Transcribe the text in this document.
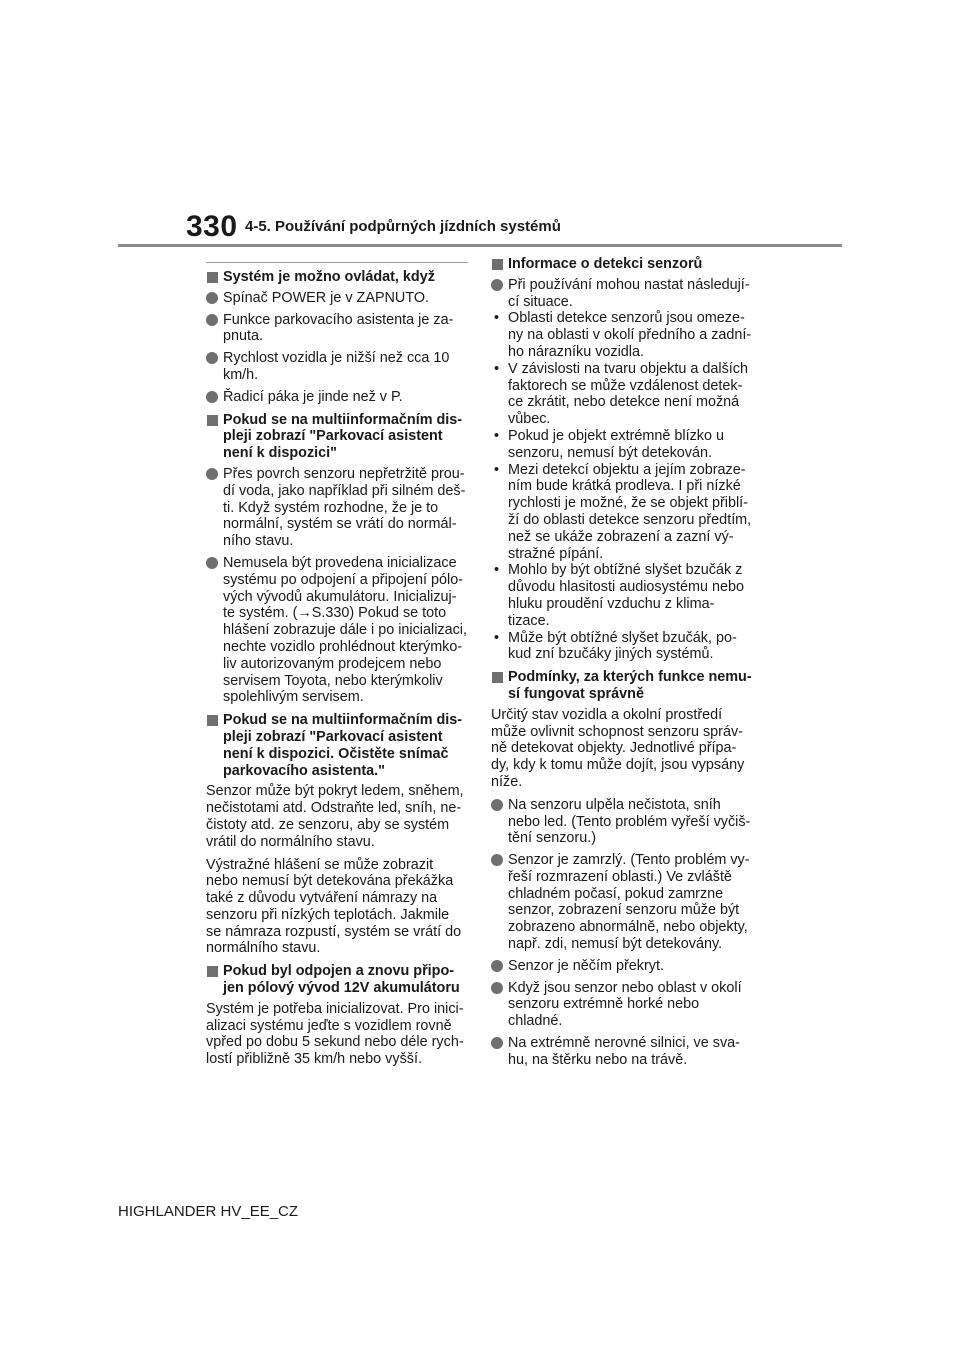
330 4-5. Používání podpůrných jízdních systémů
Systém je možno ovládat, když
Spínač POWER je v ZAPNUTO.
Funkce parkovacího asistenta je za-pnuta.
Rychlost vozidla je nižší než cca 10 km/h.
Řadicí páka je jinde než v P.
Pokud se na multiinformačním dis-pleji zobrazí "Parkovací asistent není k dispozici"
Přes povrch senzoru nepřetržitě prou-dí voda, jako například při silném deš-ti. Když systém rozhodne, že je to normální, systém se vrátí do normál-ního stavu.
Nemusela být provedena inicializace systému po odpojení a připojení pólo-vých vývodů akumulátoru. Inicializuj-te systém. (→S.330) Pokud se toto hlášení zobrazuje dále i po inicializaci, nechte vozidlo prohlédnout kterýmko-liv autorizovaným prodejcem nebo servisem Toyota, nebo kterýmkoliv spolehlivým servisem.
Pokud se na multiinformačním dis-pleji zobrazí "Parkovací asistent není k dispozici. Očistěte snímač parkovacího asistenta."
Senzor může být pokryt ledem, sněhem, nečistotami atd. Odstraňte led, sníh, ne-čistoty atd. ze senzoru, aby se systém vrátil do normálního stavu.
Výstražné hlášení se může zobrazit nebo nemusí být detekována překážka také z důvodu vytváření námrazy na senzoru při nízkých teplotách. Jakmile se námraza rozpustí, systém se vrátí do normálního stavu.
Pokud byl odpojen a znovu připo-jen pólový vývod 12V akumulátoru
Systém je potřeba inicializovat. Pro inici-alizaci systému jeďte s vozidlem rovně vpřed po dobu 5 sekund nebo déle rych-lostí přibližně 35 km/h nebo vyšší.
Informace o detekci senzorů
Při používání mohou nastat následují-cí situace.
• Oblasti detekce senzorů jsou omeze-ny na oblasti v okolí předního a zadní-ho nárazníku vozidla.
• V závislosti na tvaru objektu a dalších faktorech se může vzdálenost detek-ce zkrátit, nebo detekce není možná vůbec.
• Pokud je objekt extrémně blízko u senzoru, nemusí být detekován.
• Mezi detekcí objektu a jejím zobraze-ním bude krátká prodleva. I při nízké rychlosti je možné, že se objekt přiblí-ží do oblasti detekce senzoru předtím, než se ukáže zobrazení a zazní vý-stražné pípání.
• Mohlo by být obtížné slyšet bzučák z důvodu hlasitosti audiosystému nebo hluku proudění vzduchu z klima-tizace.
• Může být obtížné slyšet bzučák, po-kud zní bzučáky jiných systémů.
Podmínky, za kterých funkce nemu-sí fungovat správně
Určitý stav vozidla a okolní prostředí může ovlivnit schopnost senzoru správ-ně detekovat objekty. Jednotlivé přípa-dy, kdy k tomu může dojít, jsou vypsány níže.
Na senzoru ulpěla nečistota, sníh nebo led. (Tento problém vyřeší vyčiš-tění senzoru.)
Senzor je zamrzlý. (Tento problém vy-řeší rozmrazení oblasti.) Ve zvláště chladném počasí, pokud zamrzne senzor, zobrazení senzoru může být zobrazeno abnormálně, nebo objekty, např. zdi, nemusí být detekovány.
Senzor je něčím překryt.
Když jsou senzor nebo oblast v okolí senzoru extrémně horké nebo chladné.
Na extrémně nerovné silnici, ve sva-hu, na štěrku nebo na trávě.
HIGHLANDER HV_EE_CZ
